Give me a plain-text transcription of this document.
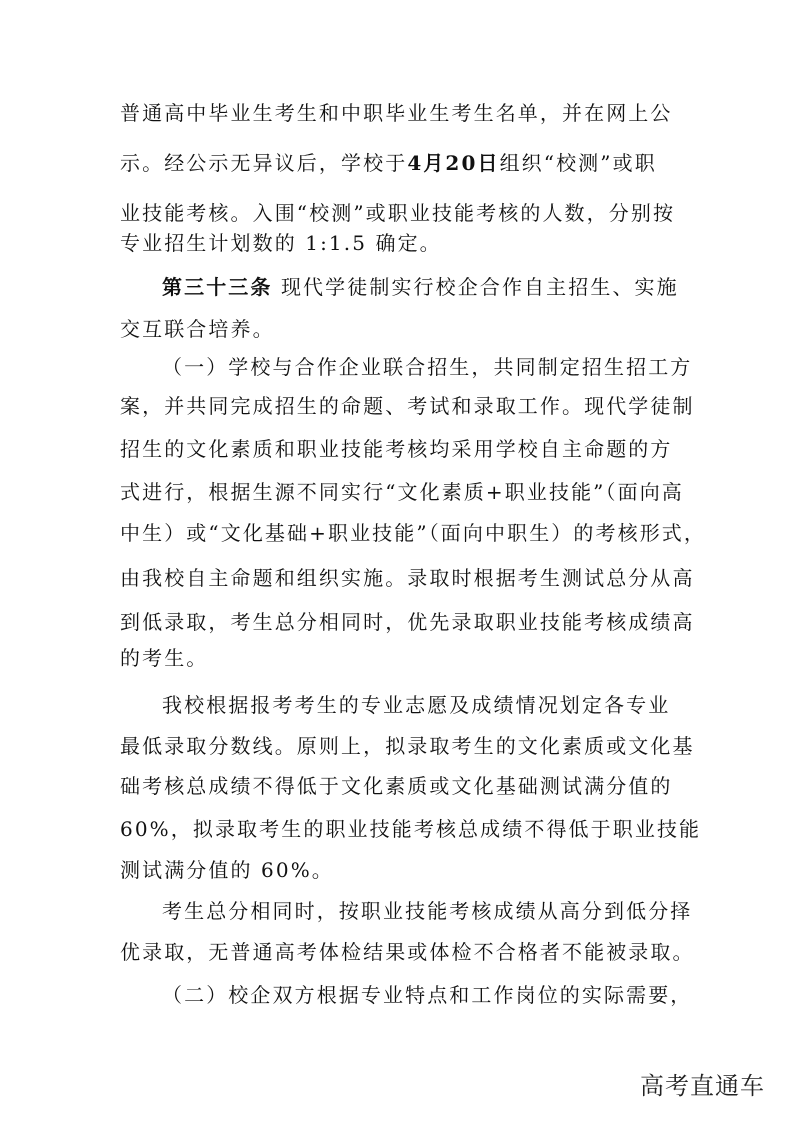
普通高中毕业生考生和中职毕业生考生名单，并在网上公
示。经公示无异议后，学校于4月20日组织“校测”或职
业技能考核。入围“校测”或职业技能考核的人数，分别按
专业招生计划数的 1:1.5 确定。
第三十三条 现代学徒制实行校企合作自主招生、实施
交互联合培养。
（一）学校与合作企业联合招生，共同制定招生招工方
案，并共同完成招生的命题、考试和录取工作。现代学徒制
招生的文化素质和职业技能考核均采用学校自主命题的方
式进行，根据生源不同实行“文化素质+职业技能”（面向高
中生）或“文化基础+职业技能”（面向中职生）的考核形式，
由我校自主命题和组织实施。录取时根据考生测试总分从高
到低录取，考生总分相同时，优先录取职业技能考核成绩高
的考生。
我校根据报考考生的专业志愿及成绩情况划定各专业
最低录取分数线。原则上，拟录取考生的文化素质或文化基
础考核总成绩不得低于文化素质或文化基础测试满分值的
60%，拟录取考生的职业技能考核总成绩不得低于职业技能
测试满分值的 60%。
考生总分相同时，按职业技能考核成绩从高分到低分择
优录取，无普通高考体检结果或体检不合格者不能被录取。
（二）校企双方根据专业特点和工作岗位的实际需要，
高考直通车
